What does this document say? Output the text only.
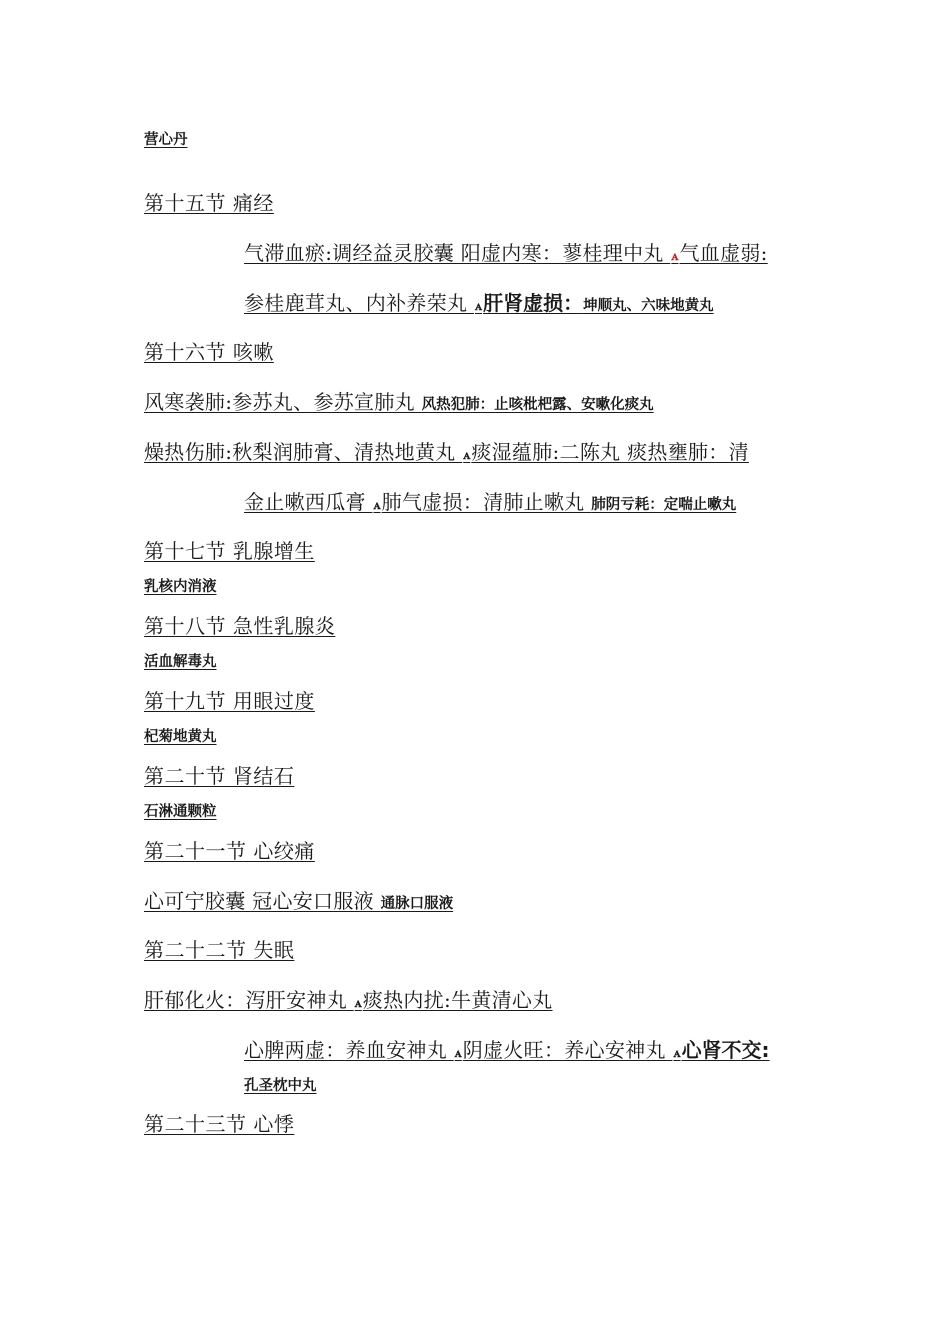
营心丹
第十五节 痛经
气滞血瘀:调经益灵胶囊 阳虚内寒：蓼桂理中丸 ꭺ气血虚弱:
参桂鹿茸丸、内补养荣丸 ꭺ肝肾虚损：坤顺丸、六味地黄丸
第十六节 咳嗽
风寒袭肺:参苏丸、参苏宣肺丸 风热犯肺：止咳枇杷露、安嗽化痰丸
燥热伤肺:秋梨润肺膏、清热地黄丸 ꭺ痰湿蕴肺:二陈丸 痰热壅肺：清
金止嗽西瓜膏 ꭺ肺气虚损：清肺止嗽丸 肺阴亏耗：定喘止嗽丸
第十七节 乳腺增生
乳核内消液
第十八节 急性乳腺炎
活血解毒丸
第十九节 用眼过度
杞菊地黄丸
第二十节 肾结石
石淋通颗粒
第二十一节 心绞痛
心可宁胶囊 冠心安口服液 通脉口服液
第二十二节 失眠
肝郁化火：泻肝安神丸 ꭺ痰热内扰:牛黄清心丸
心脾两虚：养血安神丸 ꭺ阴虚火旺：养心安神丸 ꭺ心肾不交:
孔圣枕中丸
第二十三节 心悸
